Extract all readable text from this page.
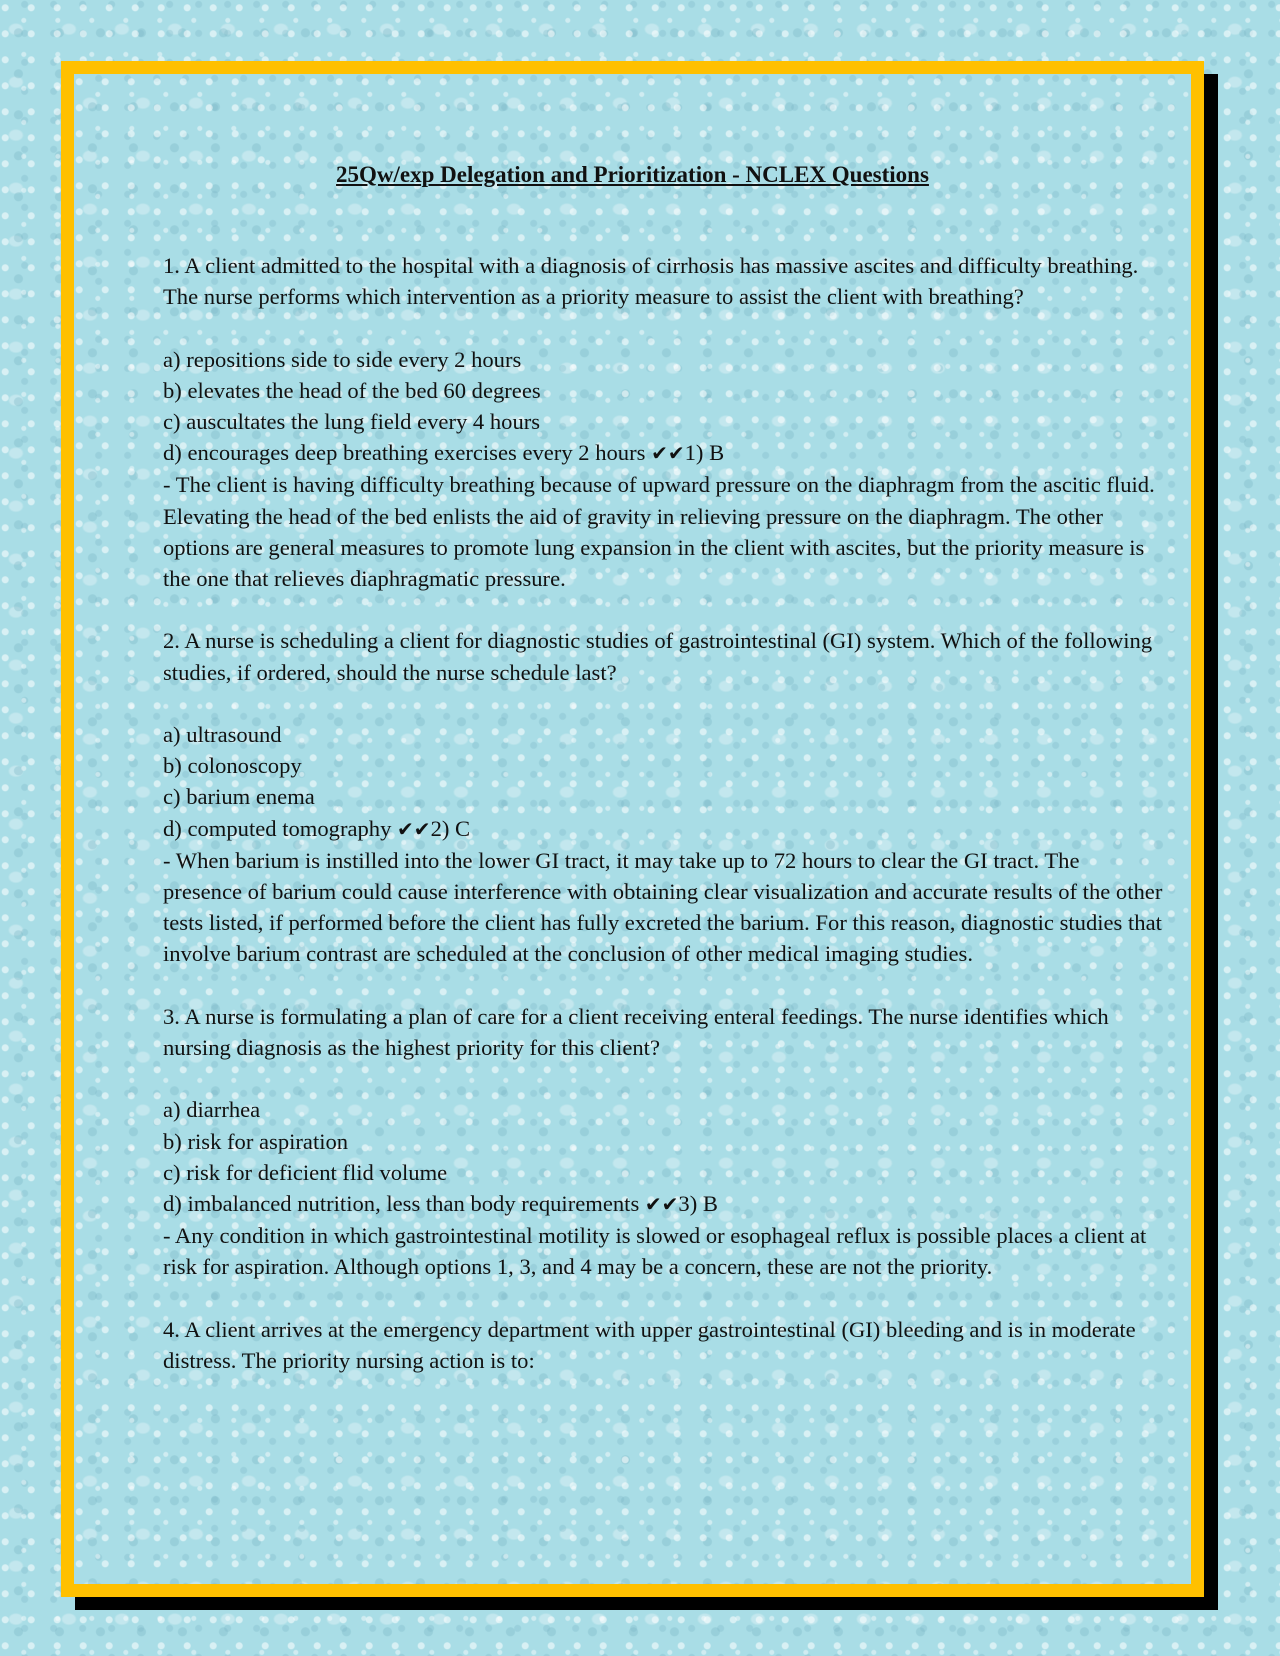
25Qw/exp Delegation and Prioritization - NCLEX Questions

1. A client admitted to the hospital with a diagnosis of cirrhosis has massive ascites and difficulty breathing. The nurse performs which intervention as a priority measure to assist the client with breathing?

a) repositions side to side every 2 hours

b) elevates the head of the bed 60 degrees

c) auscultates the lung field every 4 hours

d) encourages deep breathing exercises every 2 hours ✔✔1) B

- The client is having difficulty breathing because of upward pressure on the diaphragm from the ascitic fluid. Elevating the head of the bed enlists the aid of gravity in relieving pressure on the diaphragm. The other options are general measures to promote lung expansion in the client with ascites, but the priority measure is the one that relieves diaphragmatic pressure.

2. A nurse is scheduling a client for diagnostic studies of gastrointestinal (GI) system. Which of the following studies, if ordered, should the nurse schedule last?

a) ultrasound

b) colonoscopy

c) barium enema

d) computed tomography ✔✔2) C

- When barium is instilled into the lower GI tract, it may take up to 72 hours to clear the GI tract. The presence of barium could cause interference with obtaining clear visualization and accurate results of the other tests listed, if performed before the client has fully excreted the barium. For this reason, diagnostic studies that involve barium contrast are scheduled at the conclusion of other medical imaging studies.

3. A nurse is formulating a plan of care for a client receiving enteral feedings. The nurse identifies which nursing diagnosis as the highest priority for this client?

a) diarrhea

b) risk for aspiration

c) risk for deficient flid volume

d) imbalanced nutrition, less than body requirements ✔✔3) B

- Any condition in which gastrointestinal motility is slowed or esophageal reflux is possible places a client at risk for aspiration. Although options 1, 3, and 4 may be a concern, these are not the priority.

4. A client arrives at the emergency department with upper gastrointestinal (GI) bleeding and is in moderate distress. The priority nursing action is to:
